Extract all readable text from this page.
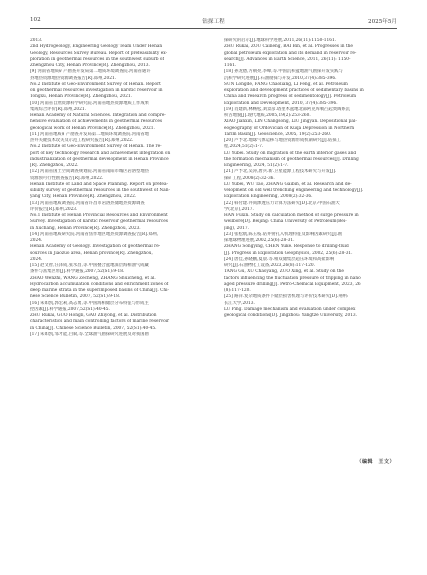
102	钻探工程	2025年5月
2013.
2nd Hydrogeology, Engineering Geology Team Under Henan
Geology, Resources Survey Bureau. Report of prefeasibility ex-
ploration in geothermal resources in the southwest suburb of
Zhengzhou City, Henan Province[R]. Zhengzhou, 2013.
[9] 河南省地质矿产勘查开发局第二地质环境调查院.河南省通许
县地热资源地热资源调查报告[R].郑州,2021.
No.2 Institute of Geo-Environment Survey of Henan. Report
on geothermal resources investigation in karstic reservoir in
Tongxu, Henan Province[R]. Zhengzhou, 2021.
[10] 河南省自然资源科学研究院.河南省地热资源地质工作成果
集成综合评价[R].郑州,2021.
Henan Academy of Natural Sciences. Integration and compre-
hensive evaluation of achievements in geothermal resources
geological work of Henan Province[R]. Zhengzhou, 2021.
[11] 河南省地质矿产勘查开发局第二地质环境调查院.河南省地
热井关键技术攻关及示范工程研究报告[R].郑州,2022.
No.2 Institute of Geo-Environment Survey of Henan. The re-
port of key technology research and achievement integration on
industrialization of geothermal development in Henan Province
[R]. Zhengzhou, 2022.
[12] 河南省国土空间调查规划院.河南省南阳市城区岩溶型地热
资源预可行性勘查报告[R].郑州,2022.
Henan Institute of Land and Space Planning. Report on prefea-
sibility survey of geothermal resources in the southwest of Nan-
yang City, Henan Province[R]. Zhengzhou, 2022.
[13] 河南省地质调查院.河南省许昌市岩溶热储地热资源调查
评价报告[R].郑州,2023.
No.1 Institute of Henan Provincial Resources and Environment
Survey. Investigation of karstic reservoir geothermal resources
in Xuchang, Henan Province[R]. Zhengzhou, 2023.
[14] 河南省地质研究院.河南省焦作地区地热资源调查报告[R].郑州,
2024.
Henan Academy of Geology. Investigation of geothermal re-
sources in Jiaozuo area, Henan province[R]. Zhengzhou,
2024.
[15] 赵文智,汪泽成,张水昌,等.中国叠合盆地深层海相油气成藏
条件与富集区带[J].科学通报,2007,52(S1):9-18.
ZHAO Wenzhi, WANG Zecheng, ZHANG Shuicheng, et al.
Hydrocarbon accumulation conditions and enrichment zones of
deep marine strata in the superimposed basins of China[J]. Chi-
nese Science Bulletin, 2007, 52(S1):9-18.
[16] 朱如凯,郭宏莉,高志勇,等.中国海相储层分布特征与形成主
控因素[J].科学通报,2007,52(S1):40-45.
ZHU Rukai, GUO Hongli, GAO Zhiyong, et al. Distribution
characteristics and main controlling factors of marine reservoir
in China[J]. Chinese Science Bulletin, 2007, 52(S1):40-45.
[17] 朱如凯,邹才能,白斌,等.全球油气勘探研究进展及对我国勘
探研究的启示[J].地球科学进展,2011,26(11):1150-1161.
ZHU Rukai, ZOU Caineng, BAI Bin, et al. Progresses in the
global petroleum exploration and its demand in reservoir re-
search[J]. Advances in Earth Science, 2011, 26(11): 1150-
1161.
[18] 孙龙德,方朝亮,李峰,等.中国沉积盆地油气勘探开发实践与
沉积学研究进展[J].石油勘探与开发,2010,37(4):385-396.
SUN Longde, FANG Chaoliang, LI Feng, et al. Petroleum
exploration and development practices of sedimentary basins in
China and research progress of sedimentology[J]. Petroleum
Exploration and Development, 2010, 37(4):385-396.
[19] 肖建新,林畅松,刘景彦.塔里木盆地北部阿克库勒凸起奥陶系沉
积古地貌[J].现代地质,2005,19(2):253-260.
XIAO Jianxin, LIN Changsong, LIU Jingyan. Depositional pal-
eogeography of Ordovician of Kuqa Depression in Northern
Tarim Basin[J]. Geoscience, 2005, 19(2):253-260.
[20] 卢予北.地球气体运移与地热资源形成机制研究[J].钻探工
程,2024,51(2):1-7.
LU Yubei. Study on migration of the earth interior gases and
the formation mechanism of geothermal resources[J]. Drilling
Engineering, 2024, 51(2):1-7.
[21] 卢予北,吴涛,唐兵.新.卫星能源工程技术研究与开发[J].
探矿工程,2008(2):32-36.
LU Yubei, WU Tao, ZHANG Gaibin, et al. Research and de-
velopment on old well trenching engineering and technology[J].
Exploration Engineering, 2008(2):32-36.
[22] 韩付建.井筒渗透压力计算方法研究[D].北京:中国石油大
学(北京),2017.
HAN Fuxin. Study on calculation method of surge pressure in
wellbore[D]. Beijing: China University of Petroleum(Bei-
jing), 2017.
[23] 张松航,陈玉枝.钻井射孔入机理特征及影响因素研究[J].勘
探地球物理进展,2002,25(6):28-31.
ZHANG Songying, CHEN Yuke. Response to drilling-fluid
[J]. Progress in Exploration Geophysics, 2002, 25(6):28-31.
[24] 唐佳,孙晓鹏,夏晨.等.相双储集层超压环境和高盐影响
研究[J].石油物化工设备,2023,26(8):117-120.
TANG Gu, XU Chaoyang, ZUO Xing, et al. Study on the
factors influencing the fluctuation pressure of tripping in nano
aged pressure drilling[J]. Petro-Chemical Equipment, 2023, 26
(8):117-120.
[25] 路萍.复杂地质条件下储层损害机理与评价技术研究[D].荆州:
长江大学,2013.
LU Ping. Damage mechanism and evaluation under complex
geological conditions[D]. Jingzhou: Yangtze University, 2013.
（编辑　王文）
